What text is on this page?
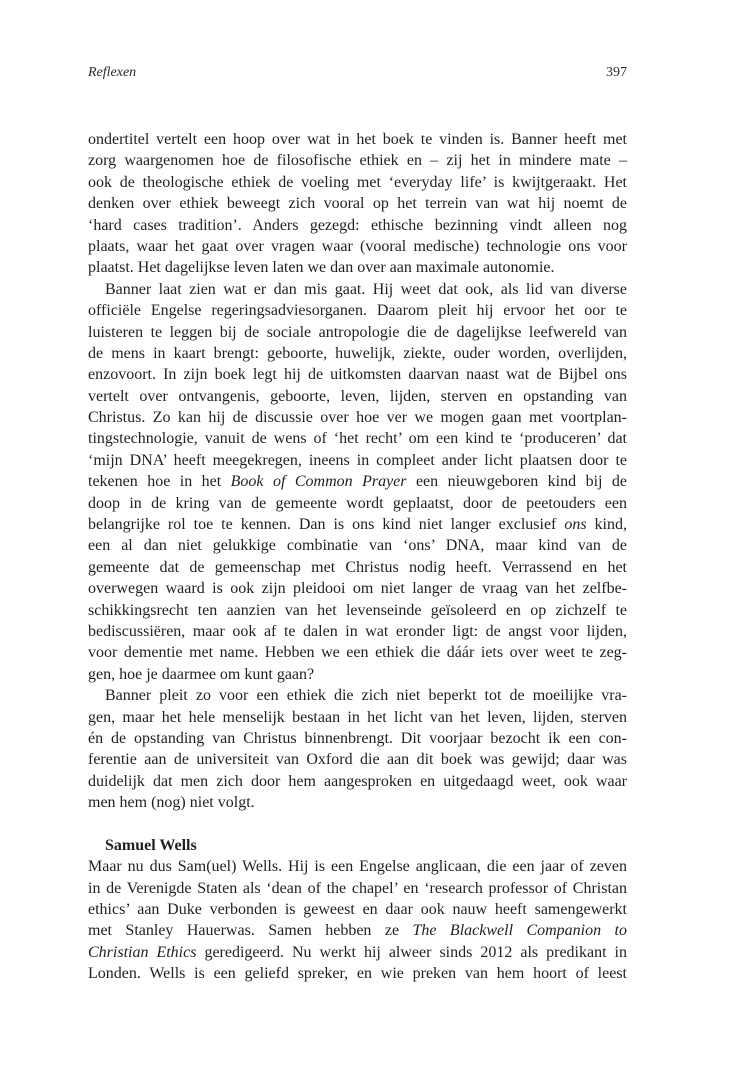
Reflexen	397
ondertitel vertelt een hoop over wat in het boek te vinden is. Banner heeft met
zorg waargenomen hoe de filosofische ethiek en – zij het in mindere mate –
ook de theologische ethiek de voeling met ‘everyday life’ is kwijtgeraakt. Het
denken over ethiek beweegt zich vooral op het terrein van wat hij noemt de
‘hard cases tradition’. Anders gezegd: ethische bezinning vindt alleen nog
plaats, waar het gaat over vragen waar (vooral medische) technologie ons voor
plaatst. Het dagelijkse leven laten we dan over aan maximale autonomie.
Banner laat zien wat er dan mis gaat. Hij weet dat ook, als lid van diverse
officiële Engelse regeringsadviesorganen. Daarom pleit hij ervoor het oor te
luisteren te leggen bij de sociale antropologie die de dagelijkse leefwereld van
de mens in kaart brengt: geboorte, huwelijk, ziekte, ouder worden, overlijden,
enzovoort. In zijn boek legt hij de uitkomsten daarvan naast wat de Bijbel ons
vertelt over ontvangenis, geboorte, leven, lijden, sterven en opstanding van
Christus. Zo kan hij de discussie over hoe ver we mogen gaan met voortplan-
tingstechnologie, vanuit de wens of ‘het recht’ om een kind te ‘produceren’ dat
‘mijn DNA’ heeft meegekregen, ineens in compleet ander licht plaatsen door te
tekenen hoe in het Book of Common Prayer een nieuwgeboren kind bij de
doop in de kring van de gemeente wordt geplaatst, door de peetouders een
belangrijke rol toe te kennen. Dan is ons kind niet langer exclusief ons kind,
een al dan niet gelukkige combinatie van ‘ons’ DNA, maar kind van de
gemeente dat de gemeenschap met Christus nodig heeft. Verrassend en het
overwegen waard is ook zijn pleidooi om niet langer de vraag van het zelfbe-
schikkingsrecht ten aanzien van het levenseinde geïsoleerd en op zichzelf te
bediscussiëren, maar ook af te dalen in wat eronder ligt: de angst voor lijden,
voor dementie met name. Hebben we een ethiek die dáár iets over weet te zeg-
gen, hoe je daarmee om kunt gaan?
Banner pleit zo voor een ethiek die zich niet beperkt tot de moeilijke vra-
gen, maar het hele menselijk bestaan in het licht van het leven, lijden, sterven
én de opstanding van Christus binnenbrengt. Dit voorjaar bezocht ik een con-
ferentie aan de universiteit van Oxford die aan dit boek was gewijd; daar was
duidelijk dat men zich door hem aangesproken en uitgedaagd weet, ook waar
men hem (nog) niet volgt.
Samuel Wells
Maar nu dus Sam(uel) Wells. Hij is een Engelse anglicaan, die een jaar of zeven
in de Verenigde Staten als ‘dean of the chapel’ en ‘research professor of Christan
ethics’ aan Duke verbonden is geweest en daar ook nauw heeft samengewerkt
met Stanley Hauerwas. Samen hebben ze The Blackwell Companion to
Christian Ethics geredigeerd. Nu werkt hij alweer sinds 2012 als predikant in
Londen. Wells is een geliefd spreker, en wie preken van hem hoort of leest
